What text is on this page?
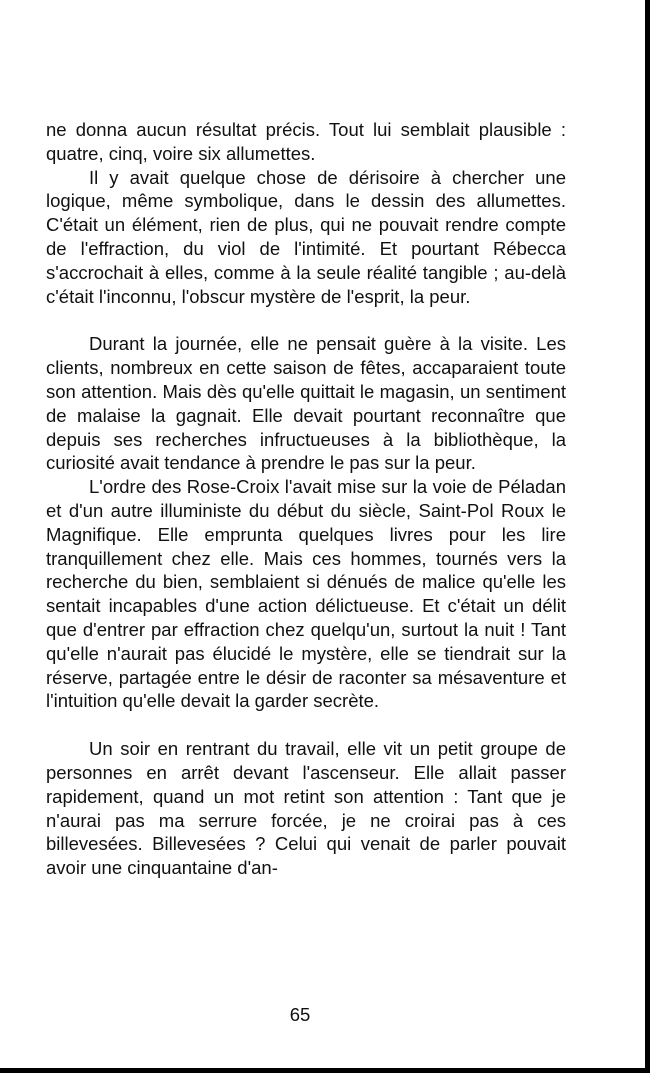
ne donna aucun résultat précis. Tout lui semblait plausible : quatre, cinq, voire six allumettes.

Il y avait quelque chose de dérisoire à chercher une logique, même symbolique, dans le dessin des allumettes. C'était un élément, rien de plus, qui ne pouvait rendre compte de l'effraction, du viol de l'intimité. Et pourtant Rébecca s'accrochait à elles, comme à la seule réalité tangible ; au-delà c'était l'inconnu, l'obscur mystère de l'esprit, la peur.

Durant la journée, elle ne pensait guère à la visite. Les clients, nombreux en cette saison de fêtes, accaparaient toute son attention. Mais dès qu'elle quittait le magasin, un sentiment de malaise la gagnait. Elle devait pourtant reconnaître que depuis ses recherches infructueuses à la bibliothèque, la curiosité avait tendance à prendre le pas sur la peur.

L'ordre des Rose-Croix l'avait mise sur la voie de Péladan et d'un autre illuministe du début du siècle, Saint-Pol Roux le Magnifique. Elle emprunta quelques livres pour les lire tranquillement chez elle. Mais ces hommes, tournés vers la recherche du bien, semblaient si dénués de malice qu'elle les sentait incapables d'une action délictueuse. Et c'était un délit que d'entrer par effraction chez quelqu'un, surtout la nuit ! Tant qu'elle n'aurait pas élucidé le mystère, elle se tiendrait sur la réserve, partagée entre le désir de raconter sa mésaventure et l'intuition qu'elle devait la garder secrète.

Un soir en rentrant du travail, elle vit un petit groupe de personnes en arrêt devant l'ascenseur. Elle allait passer rapidement, quand un mot retint son attention : Tant que je n'aurai pas ma serrure forcée, je ne croirai pas à ces billevesées. Billevesées ? Celui qui venait de parler pouvait avoir une cinquantaine d'an-

65
